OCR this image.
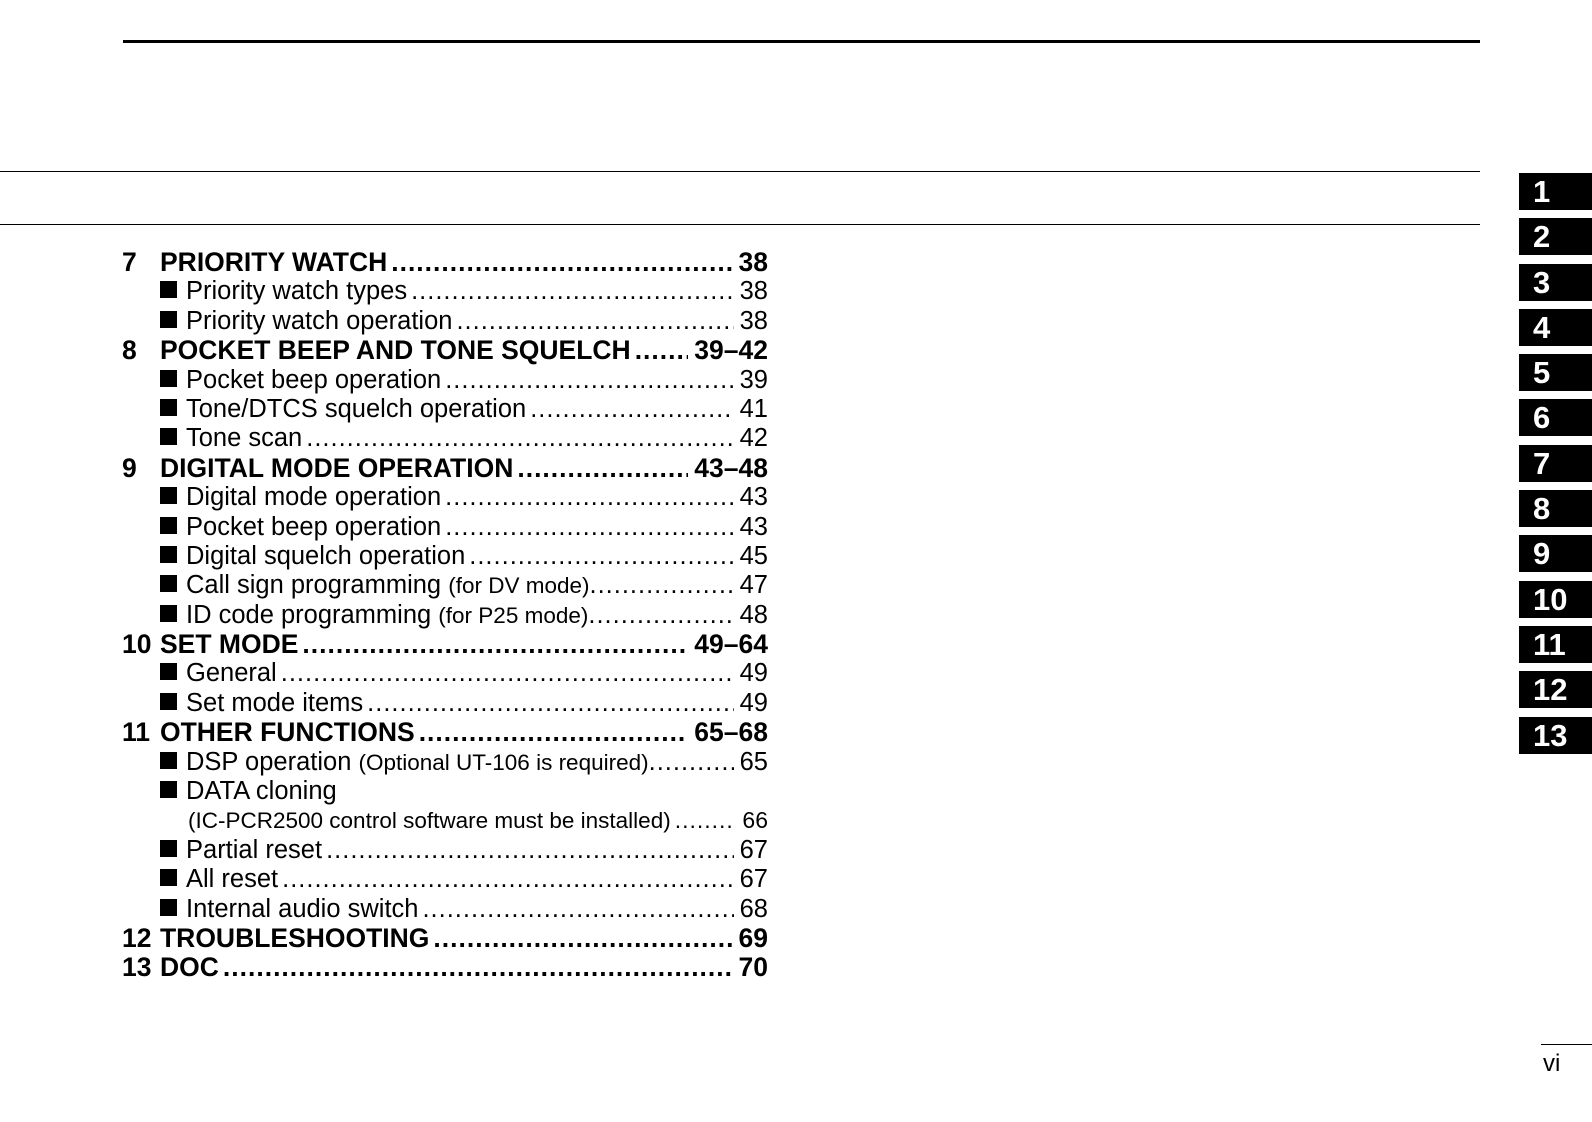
7 PRIORITY WATCH .....	38
Priority watch types .....	38
Priority watch operation .....	38
8 POCKET BEEP AND TONE SQUELCH ..... 39–42
Pocket beep operation .....	39
Tone/DTCS squelch operation .....	41
Tone scan .....	42
9 DIGITAL MODE OPERATION .....	43–48
Digital mode operation .....	43
Pocket beep operation .....	43
Digital squelch operation .....	45
Call sign programming
(for DV mode) .....	47
ID code programming
(for P25 mode) .....	48
10 SET MODE .....	49–64
General .....	49
Set mode items .....	49
11 OTHER FUNCTIONS .....	65–68
DSP operation
(Optional UT-106 is required) .....	65
DATA cloning
(IC-PCR2500 control software must be installed) .....	66
Partial reset .....	67
All reset .....	67
Internal audio switch .....	68
12 TROUBLESHOOTING .....	69
13 DOC .....	70
1
2
3
4
5
6
7
8
9
10
11
12
13
vi
